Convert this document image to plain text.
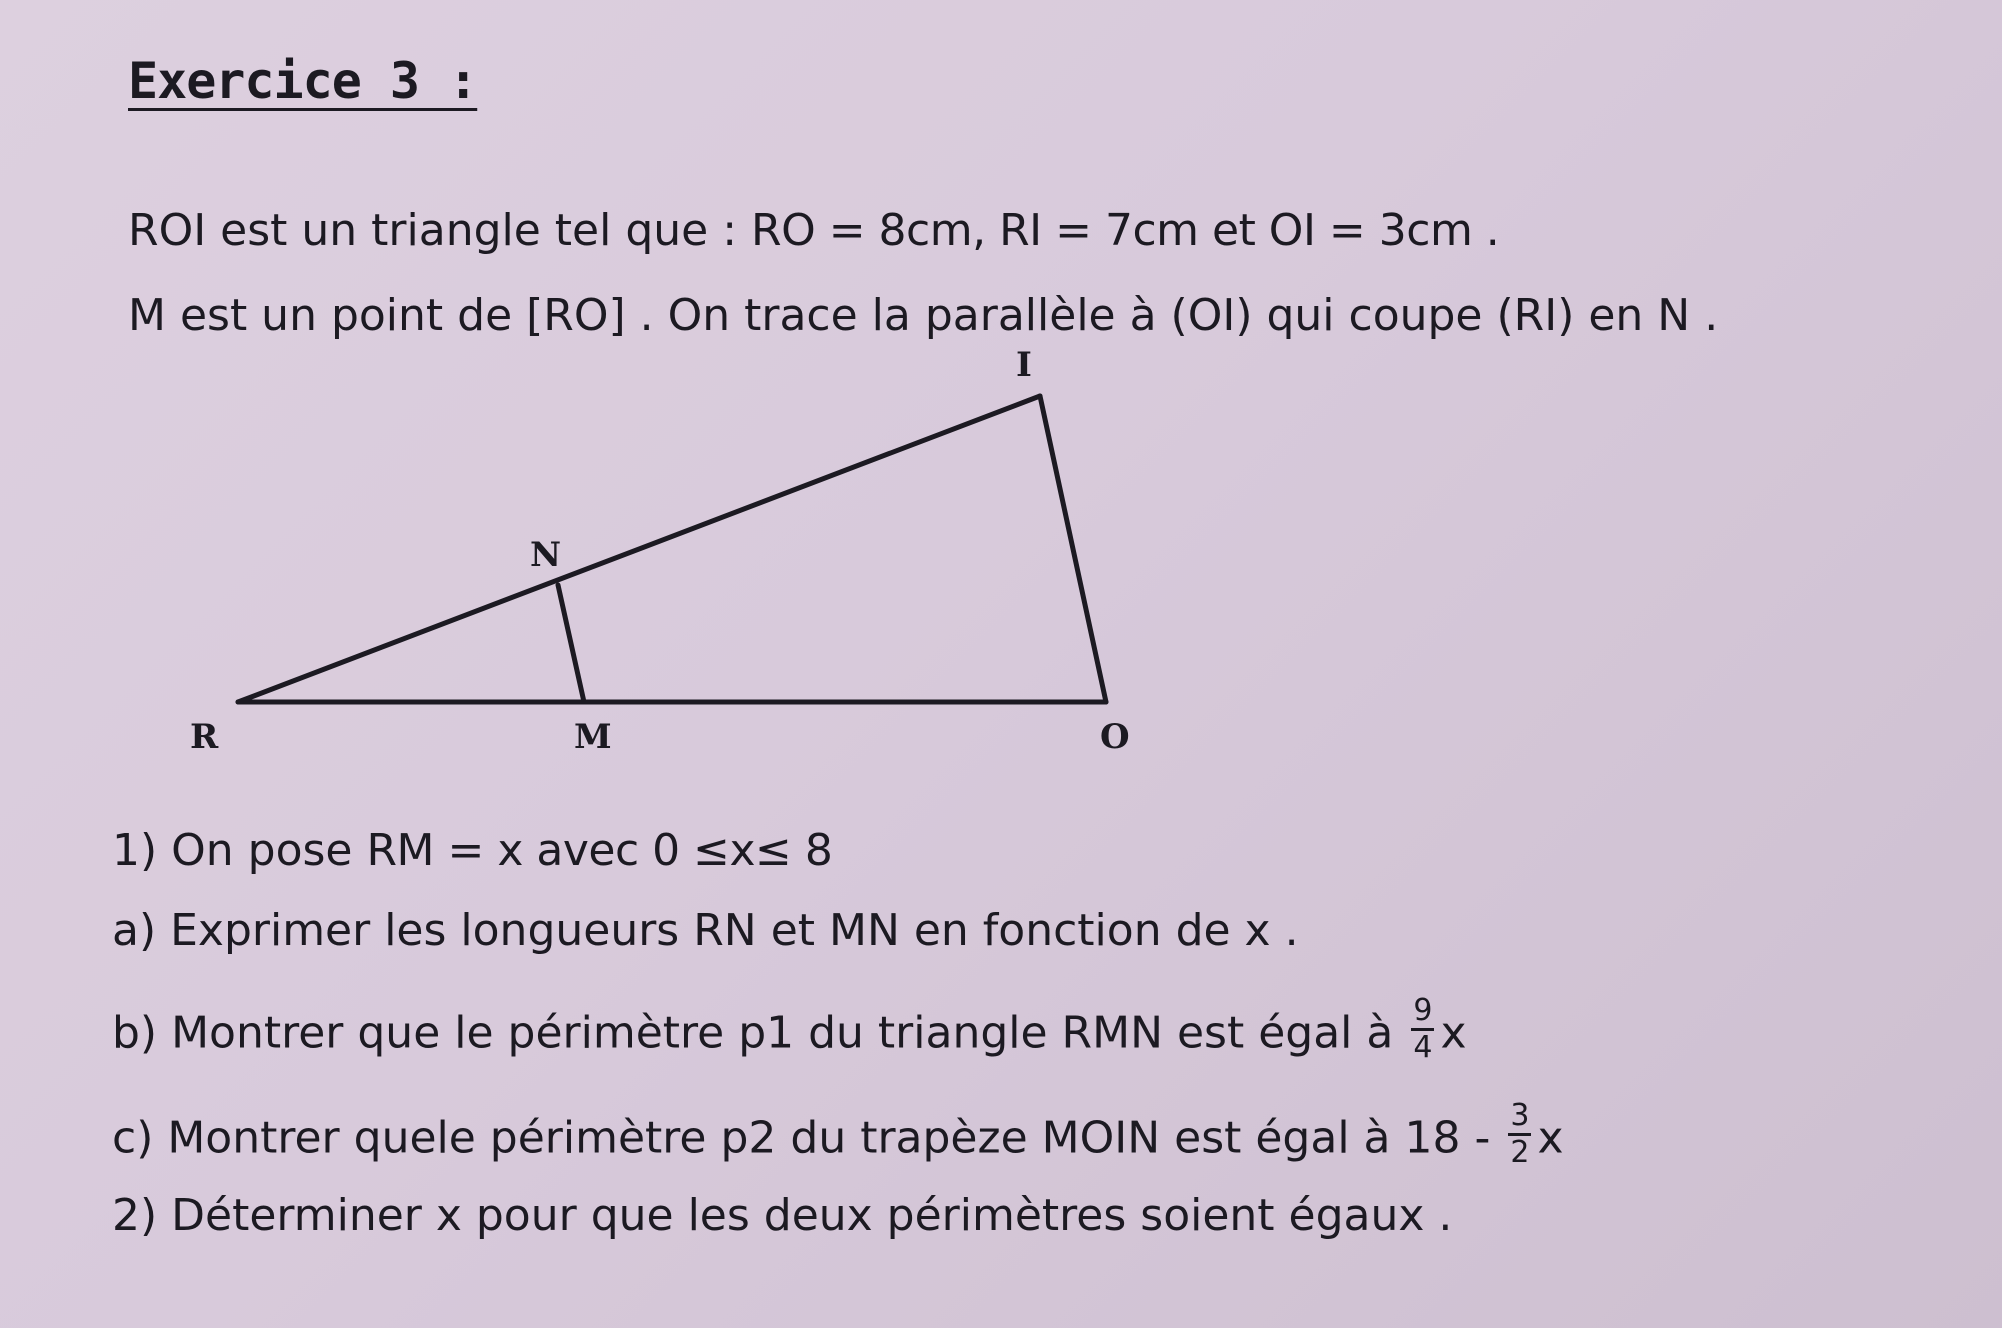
Exercice 3 :
ROI est un triangle tel que : RO = 8cm, RI = 7cm et OI = 3cm .
M est un point de [RO] . On trace la parallèle à (OI) qui coupe (RI) en N .
I
N
R	M	O
1) On pose RM = x avec 0 ≤x≤ 8
a) Exprimer les longueurs RN et MN en fonction de x .
b) Montrer que le périmètre p1 du triangle RMN est égal à $\frac{9}{4}$ x
c) Montrer quele périmètre p2 du trapèze MOIN est égal à $18 - \frac{3}{2}$ x
2) Déterminer x pour que les deux périmètres soient égaux .
